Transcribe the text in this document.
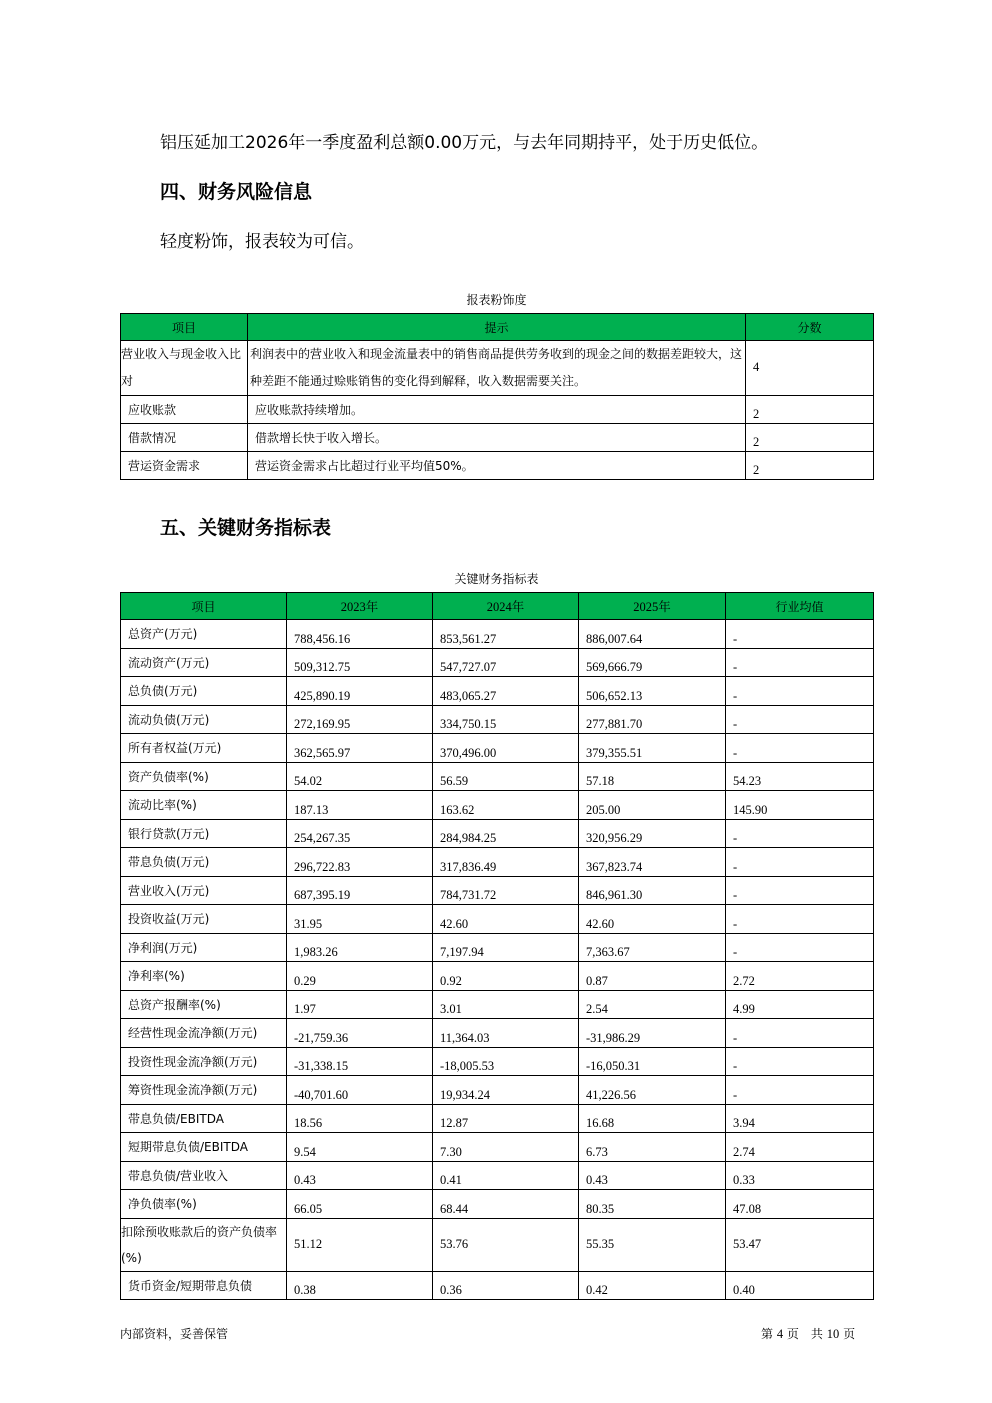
铝压延加工2026年一季度盈利总额0.00万元，与去年同期持平，处于历史低位。
四、财务风险信息
轻度粉饰，报表较为可信。
报表粉饰度
项目	提示	分数
营业收入与现金收入比对	利润表中的营业收入和现金流量表中的销售商品提供劳务收到的现金之间的数据差距较大，这种差距不能通过赊账销售的变化得到解释，收入数据需要关注。	4
应收账款	应收账款持续增加。	2
借款情况	借款增长快于收入增长。	2
营运资金需求	营运资金需求占比超过行业平均值50%。	2
五、关键财务指标表
关键财务指标表
项目	2023年	2024年	2025年	行业均值
总资产(万元)	788,456.16	853,561.27	886,007.64	-
流动资产(万元)	509,312.75	547,727.07	569,666.79	-
总负债(万元)	425,890.19	483,065.27	506,652.13	-
流动负债(万元)	272,169.95	334,750.15	277,881.70	-
所有者权益(万元)	362,565.97	370,496.00	379,355.51	-
资产负债率(%)	54.02	56.59	57.18	54.23
流动比率(%)	187.13	163.62	205.00	145.90
银行贷款(万元)	254,267.35	284,984.25	320,956.29	-
带息负债(万元)	296,722.83	317,836.49	367,823.74	-
营业收入(万元)	687,395.19	784,731.72	846,961.30	-
投资收益(万元)	31.95	42.60	42.60	-
净利润(万元)	1,983.26	7,197.94	7,363.67	-
净利率(%)	0.29	0.92	0.87	2.72
总资产报酬率(%)	1.97	3.01	2.54	4.99
经营性现金流净额(万元)	-21,759.36	11,364.03	-31,986.29	-
投资性现金流净额(万元)	-31,338.15	-18,005.53	-16,050.31	-
筹资性现金流净额(万元)	-40,701.60	19,934.24	41,226.56	-
带息负债/EBITDA	18.56	12.87	16.68	3.94
短期带息负债/EBITDA	9.54	7.30	6.73	2.74
带息负债/营业收入	0.43	0.41	0.43	0.33
净负债率(%)	66.05	68.44	80.35	47.08
扣除预收账款后的资产负债率(%)	51.12	53.76	55.35	53.47
货币资金/短期带息负债	0.38	0.36	0.42	0.40
内部资料，妥善保管	第 4 页　共 10 页
